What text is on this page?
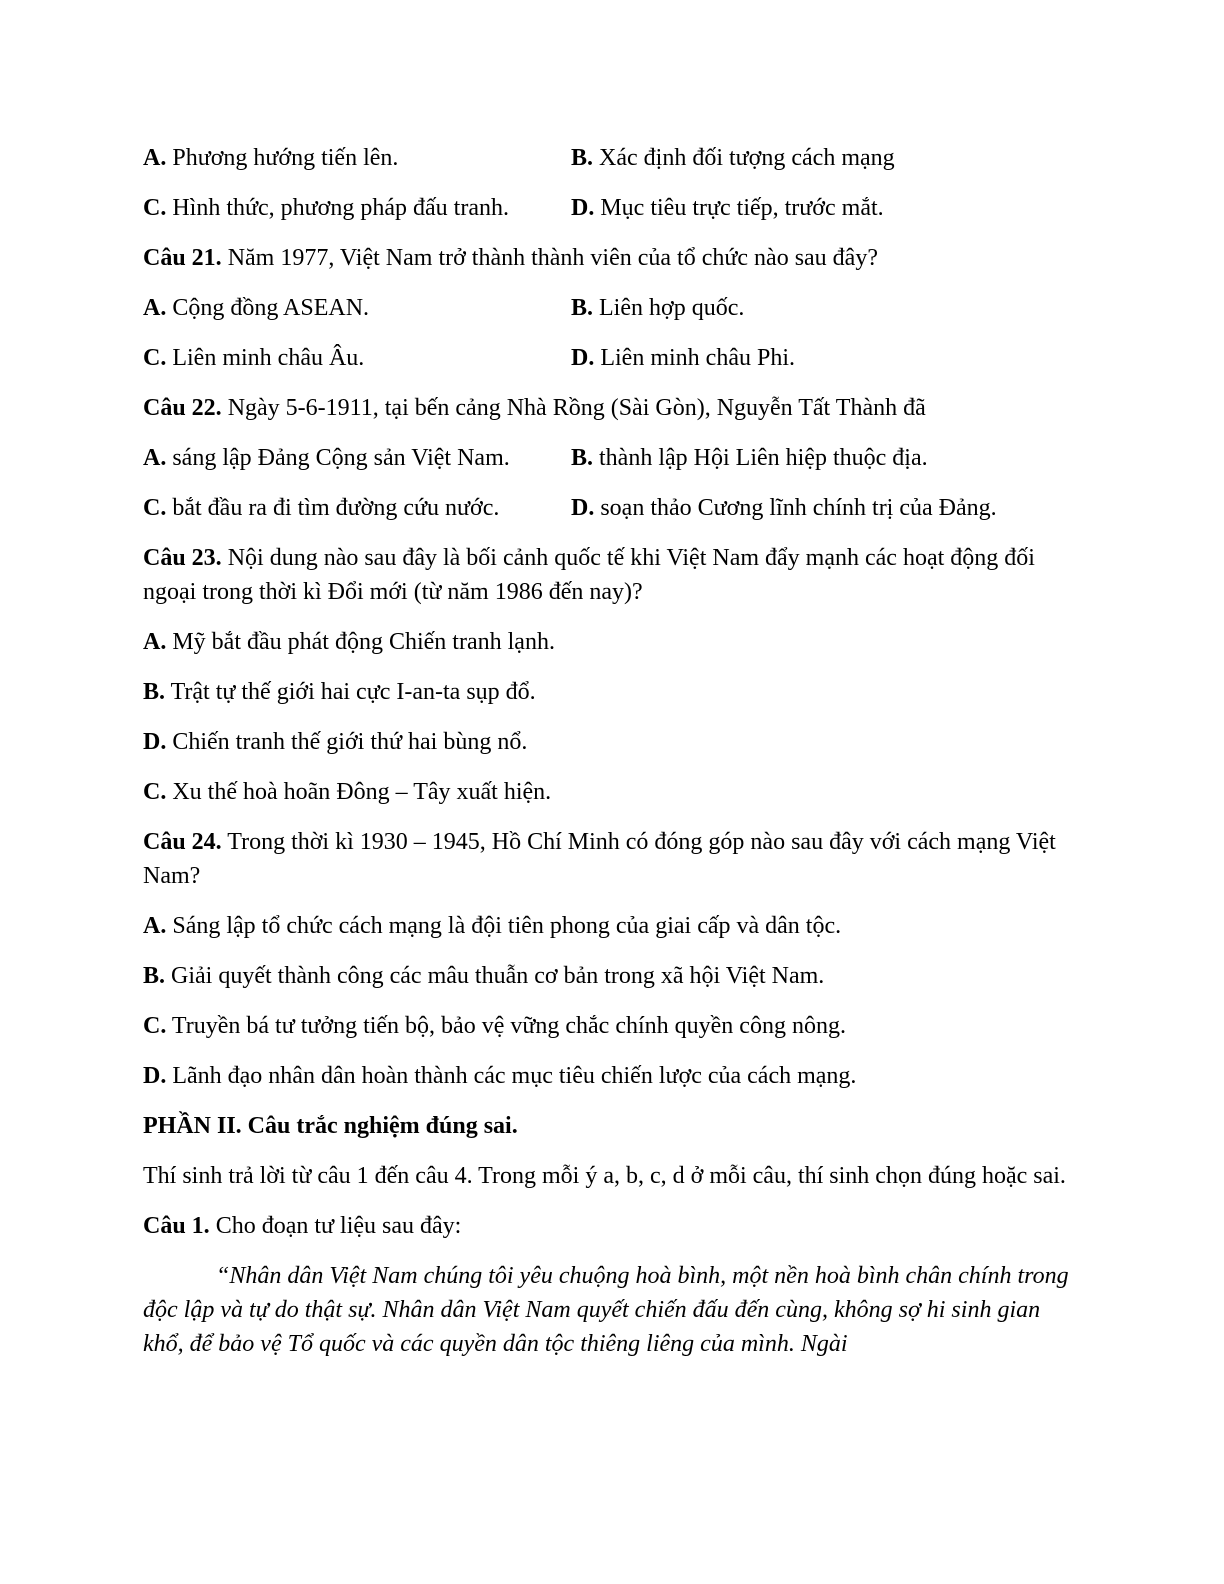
A. Phương hướng tiến lên.	B. Xác định đối tượng cách mạng
C. Hình thức, phương pháp đấu tranh.	D. Mục tiêu trực tiếp, trước mắt.
Câu 21. Năm 1977, Việt Nam trở thành thành viên của tổ chức nào sau đây?
A. Cộng đồng ASEAN.	B. Liên hợp quốc.
C. Liên minh châu Âu.	D. Liên minh châu Phi.
Câu 22. Ngày 5-6-1911, tại bến cảng Nhà Rồng (Sài Gòn), Nguyễn Tất Thành đã
A. sáng lập Đảng Cộng sản Việt Nam.	B. thành lập Hội Liên hiệp thuộc địa.
C. bắt đầu ra đi tìm đường cứu nước.	D. soạn thảo Cương lĩnh chính trị của Đảng.
Câu 23. Nội dung nào sau đây là bối cảnh quốc tế khi Việt Nam đẩy mạnh các hoạt động đối ngoại trong thời kì Đổi mới (từ năm 1986 đến nay)?
A. Mỹ bắt đầu phát động Chiến tranh lạnh.
B. Trật tự thế giới hai cực I-an-ta sụp đổ.
D. Chiến tranh thế giới thứ hai bùng nổ.
C. Xu thế hoà hoãn Đông – Tây xuất hiện.
Câu 24. Trong thời kì 1930 – 1945, Hồ Chí Minh có đóng góp nào sau đây với cách mạng Việt Nam?
A. Sáng lập tổ chức cách mạng là đội tiên phong của giai cấp và dân tộc.
B. Giải quyết thành công các mâu thuẫn cơ bản trong xã hội Việt Nam.
C. Truyền bá tư tưởng tiến bộ, bảo vệ vững chắc chính quyền công nông.
D. Lãnh đạo nhân dân hoàn thành các mục tiêu chiến lược của cách mạng.
PHẦN II. Câu trắc nghiệm đúng sai.
Thí sinh trả lời từ câu 1 đến câu 4. Trong mỗi ý a, b, c, d ở mỗi câu, thí sinh chọn đúng hoặc sai.
Câu 1. Cho đoạn tư liệu sau đây:
“Nhân dân Việt Nam chúng tôi yêu chuộng hoà bình, một nền hoà bình chân chính trong độc lập và tự do thật sự. Nhân dân Việt Nam quyết chiến đấu đến cùng, không sợ hi sinh gian khổ, để bảo vệ Tổ quốc và các quyền dân tộc thiêng liêng của mình. Ngài
